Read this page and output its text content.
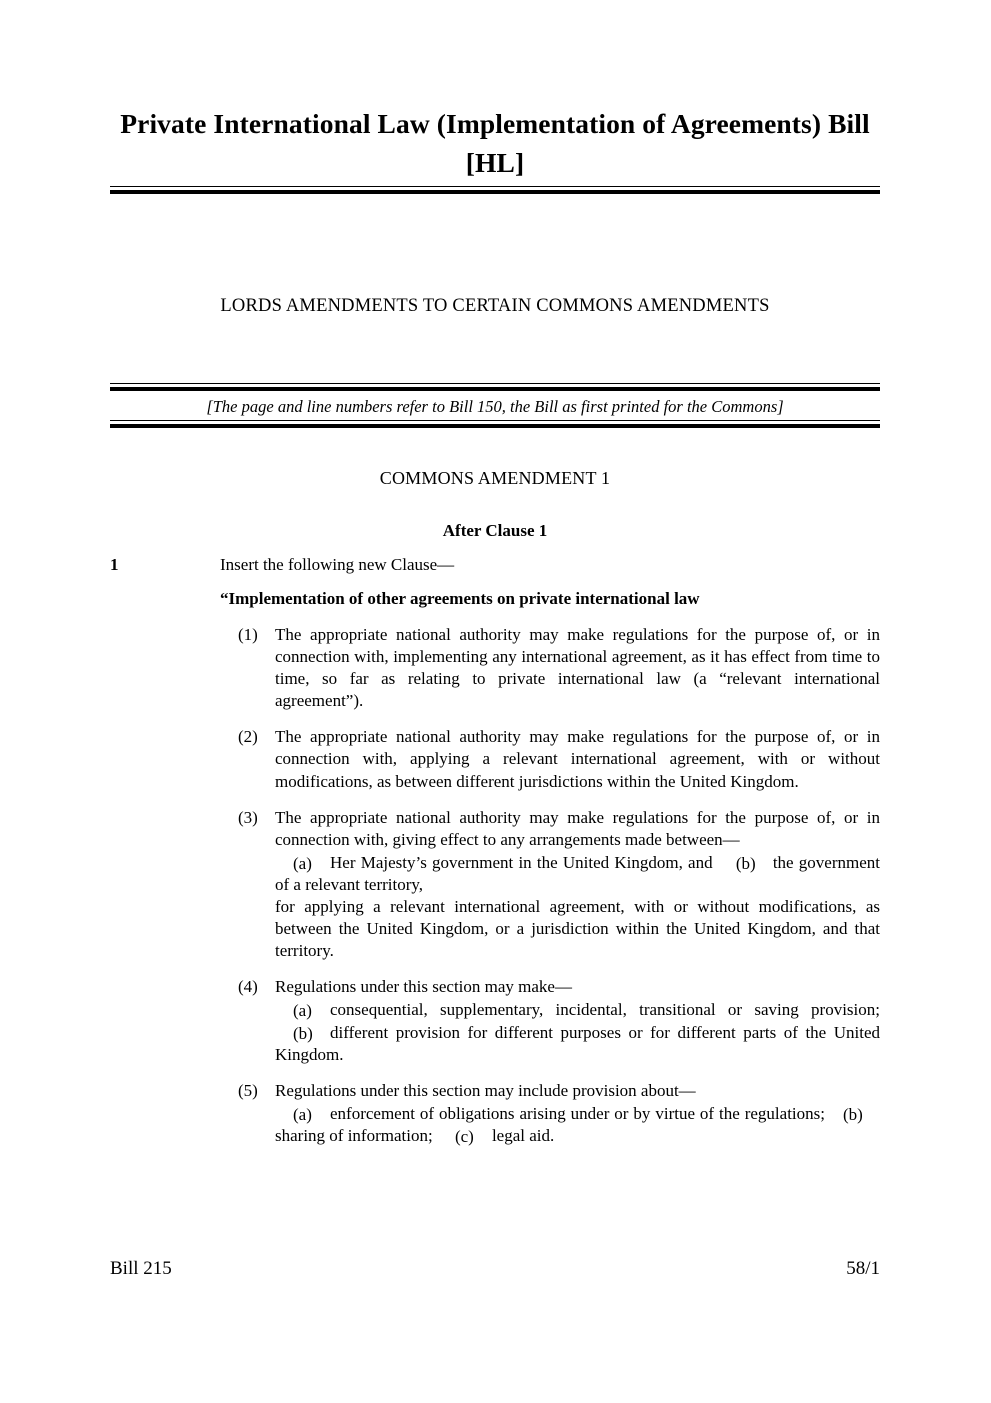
Private International Law (Implementation of Agreements) Bill [HL]
LORDS AMENDMENTS TO CERTAIN COMMONS AMENDMENTS
[The page and line numbers refer to Bill 150, the Bill as first printed for the Commons]
COMMONS AMENDMENT 1
After Clause 1
1	Insert the following new Clause—
“Implementation of other agreements on private international law
(1)	The appropriate national authority may make regulations for the purpose of, or in connection with, implementing any international agreement, as it has effect from time to time, so far as relating to private international law (a “relevant international agreement”).
(2)	The appropriate national authority may make regulations for the purpose of, or in connection with, applying a relevant international agreement, with or without modifications, as between different jurisdictions within the United Kingdom.
(3)	The appropriate national authority may make regulations for the purpose of, or in connection with, giving effect to any arrangements made between—
(a)	Her Majesty’s government in the United Kingdom, and (b)	the government of a relevant territory,
for applying a relevant international agreement, with or without modifications, as between the United Kingdom, or a jurisdiction within the United Kingdom, and that territory.
(4)	Regulations under this section may make—
(a)	consequential, supplementary, incidental, transitional or saving provision;
(b)	different provision for different purposes or for different parts of the United Kingdom.
(5)	Regulations under this section may include provision about—
(a)	enforcement of obligations arising under or by virtue of the regulations; (b)
sharing of information; (c)	legal aid.
Bill 215	58/1
